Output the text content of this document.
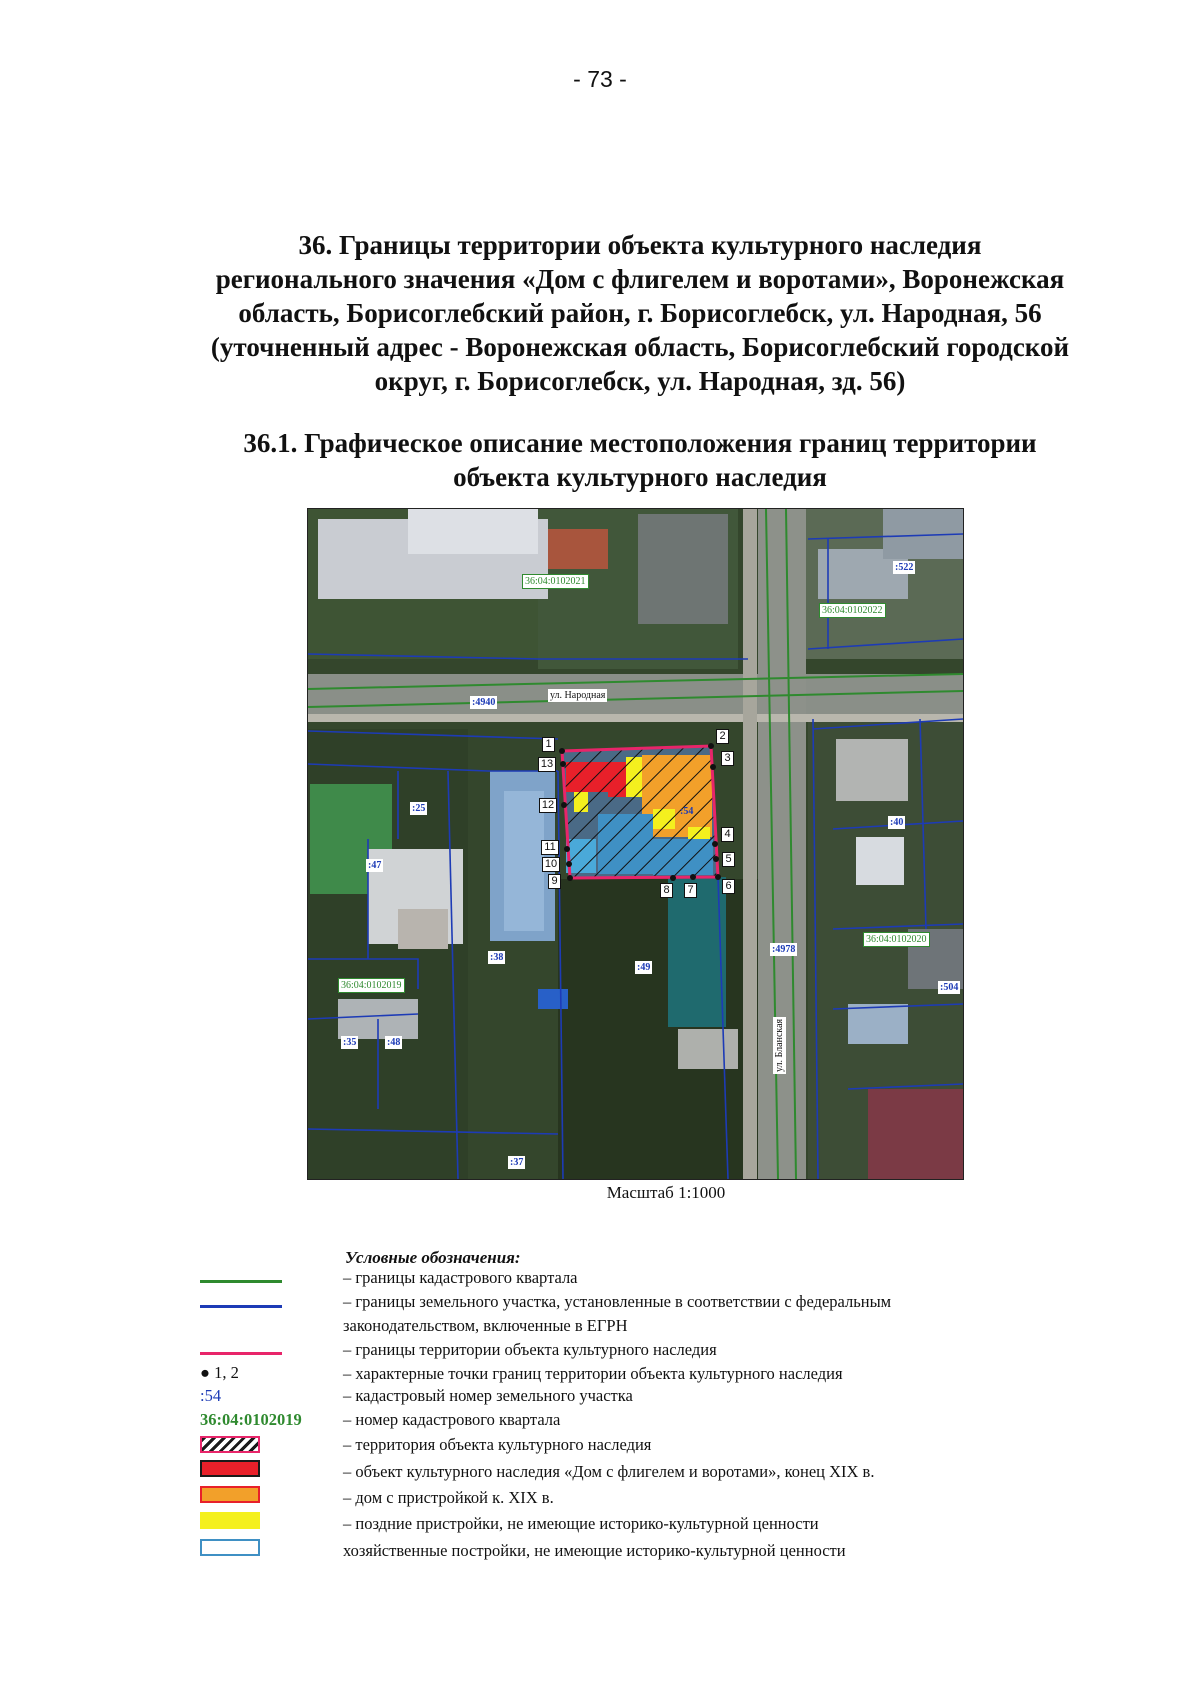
- 73 -
36. Границы территории объекта культурного наследия
регионального значения «Дом с флигелем и воротами», Воронежская
область, Борисоглебский район, г. Борисоглебск, ул. Народная, 56
(уточненный адрес - Воронежская область, Борисоглебский городской
округ, г. Борисоглебск, ул. Народная, зд. 56)
36.1. Графическое описание местоположения границ территории
объекта культурного наследия
36:04:0102021
36:04:0102022
36:04:0102020
36:04:0102019
:522
:4940
:25	:54
:40
:47
:4978
:38
:49
:504
:35	:48
:37
ул. Народная
ул. Бланская
1
2
3
13
12
4
11
5
10
9
8	7	6
Масштаб 1:1000
Условные обозначения:
– границы кадастрового квартала
– границы земельного участка, установленные в соответствии с федеральным
законодательством, включенные в ЕГРН
– границы территории объекта культурного наследия
● 1, 2	– характерные точки границ территории объекта культурного наследия
:54	– кадастровый номер земельного участка
36:04:0102019	– номер кадастрового квартала
– территория объекта культурного наследия
– объект культурного наследия «Дом с флигелем и воротами», конец XIX в.
– дом с пристройкой к. XIX в.
– поздние пристройки, не имеющие историко-культурной ценности
хозяйственные постройки, не имеющие историко-культурной ценности
